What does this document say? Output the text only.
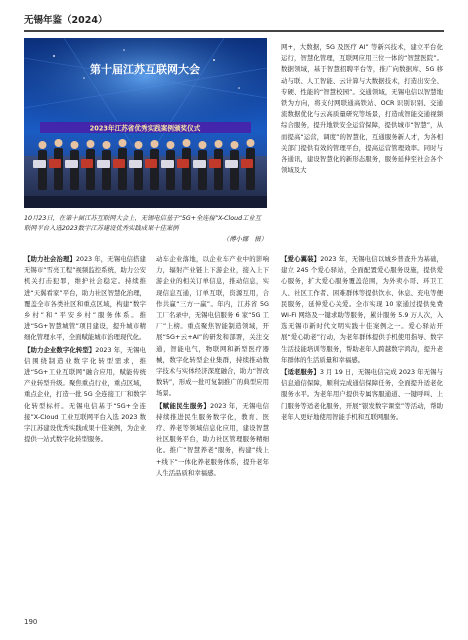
无锡年鉴（2024）
第十届江苏互联网大会
2023年江苏省优秀实践案例颁奖仪式
10月23日，在第十届江苏互联网大会上，无锡电信基于“5G+全连接”X-Cloud工业互联网平台入选2023数字江苏建设优秀实践成果十佳案例
（傅小娜　摄）

网+，大数据，5G 及医疗 AI” 等新兴技术，建立平台化运行，智慧化管理，互联网应用三位一体的“智慧医院”。数据领域，基于智慧招聘平台等，推广向数据库、5G 移动与联、人工智能、云计算与大数据技术，打造出安全、专硬、性能的“智慧校园”。交通领域，无锡电信以智慧地铁为方向，将支付网联通高铁站、OCR 识别识别、交通流数据优化与云高质量研究等场景，打造成智能交通视频综合服务，提升地铁安全运营保障，提供城市“智慧”，从而提高“运营，调度”的智慧化，互通服务新人才，为各相关部门提供有效的管理平台，提高运营管理效率。同时与各通讯，建设智慧化的新形态服务，服务延伸至社会各个领域及大

【助力社会治理】2023 年，无锡电信搭建无锡市“雪亮工程”视频监控系统，助力公安机关打击犯罪，维护社会稳定。持续推进“天翼看家”平台，助力社区智慧化治理，覆盖全市各类社区和重点区域，构建“数字乡村”和“平安乡村”服务体系。推进“5G+智慧城管”项目建设，提升城市精细化管理水平，全面赋能城市治理现代化。

【助力企业数字化转型】2023 年，无锡电信围绕制造业数字化转型需求，推进“5G+工业互联网”融合应用，赋能传统产业转型升级。聚焦重点行业，重点区域，重点企业，打造一批 5G 全连接工厂和数字化转型标杆。无锡电信基于“5G+全连接”X-Cloud 工业互联网平台入选 2023 数字江苏建设优秀实践成果十佳案例，为企业提供一站式数字化转型服务。

动车企业落地，以企业车产业中的影响力，辐射产业链上下游企业，接入上下游企业的相关订单信息，推动信息，实现信息互通，订单互联，资源互用，合作共赢“三方一赢”。年内，江苏省 5G 工厂名录中，无锡电信服务 6 家“5G 工厂”上榜。重点聚焦智能制造领域，开展“5G+云+AI”的研发和部署，关注交通，智能电气，物联网和新型医疗器械，数字化转型企业集群，持续推动数字技术与实体经济深度融合，助力“智改数转”，形成一批可复制推广的典型应用场景。

【赋能民生服务】2023 年，无锡电信持续推进民生服务数字化，教育、医疗、养老等领域信息化应用，建设智慧社区服务平台，助力社区管理服务精细化。推广“智慧养老”服务，构建“线上+线下”一体化养老服务体系，提升老年人生活品质和幸福感。

【爱心翼装】2023 年，无锡电信以城乡普查升为基础，建立 245 个爱心驿站，全面配置爱心服务设施，提供爱心服务，扩大爱心服务覆盖范围，为外卖小哥、环卫工人、社区工作者、困难群体等提供饮水、休息、充电等便民服务，延伸爱心关爱。全市实现 10 家通过提供免费 Wi-Fi 网络及一键求助等服务，累计服务 5.9 万人次，入选无锡市新时代文明实践十佳案例之一。爱心驿站开展“爱心助老”行动，为老年群体提供手机使用指导、数字生活技能培训等服务，帮助老年人跨越数字鸿沟，提升老年群体的生活质量和幸福感。

【适老服务】3 月 19 日，无锡电信完成 2023 年无锡与信息通信保障，顺利完成通信保障任务，全面提升适老化服务水平。为老年用户提供专属客服通道、一键呼叫、上门服务等适老化服务，开展“银发数字课堂”等活动，帮助老年人更好地使用智能手机和互联网服务。

190
